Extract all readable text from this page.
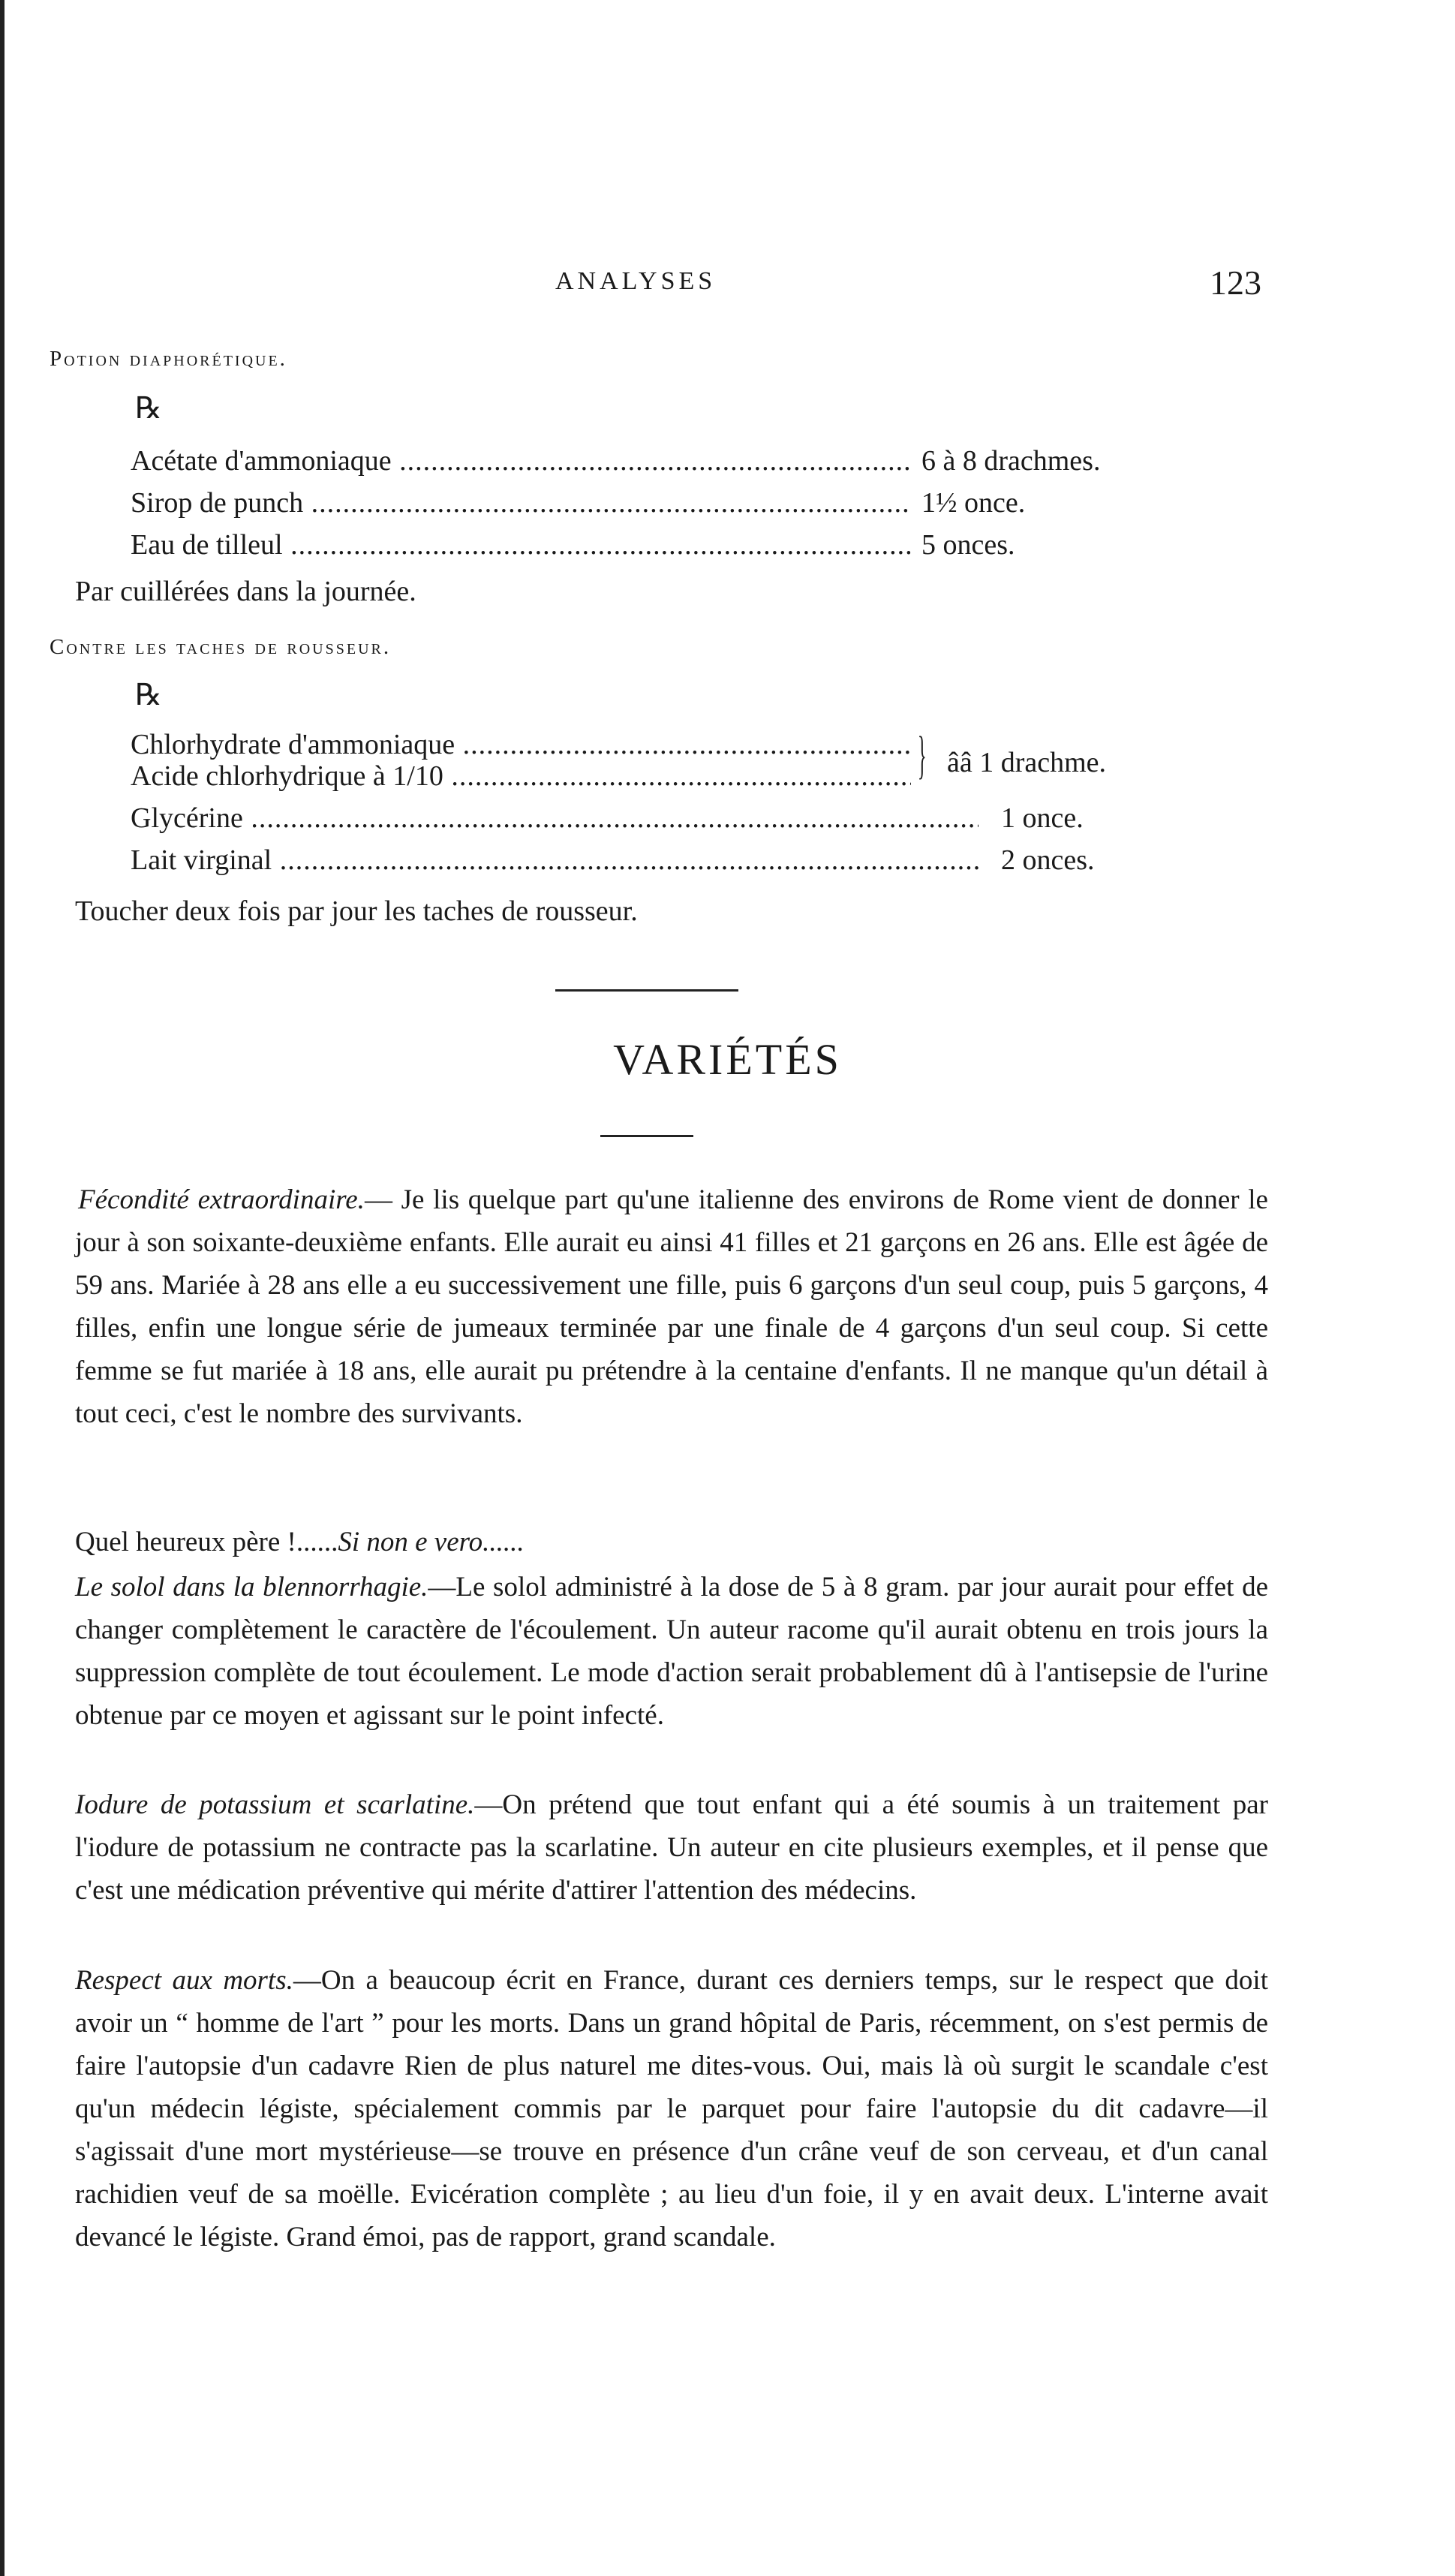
ANALYSES	123
Potion diaphorétique.
℞
Acétate d'ammoniaque .....	6 à 8 drachmes.
Sirop de punch .....	1½ once.
Eau de tilleul .....	5 onces.
Par cuillérées dans la journée.
Contre les taches de rousseur.
℞
Chlorhydrate d'ammoniaque .....
Acide chlorhydrique à 1/10 .....	} ââ 1 drachme.
Glycérine .....	1 once.
Lait virginal .....	2 onces.
Toucher deux fois par jour les taches de rousseur.
VARIÉTÉS

Fécondité extraordinaire.— Je lis quelque part qu'une italienne des environs de Rome vient de donner le jour à son soixante-deuxième enfants. Elle aurait eu ainsi 41 filles et 21 garçons en 26 ans. Elle est âgée de 59 ans. Mariée à 28 ans elle a eu successivement une fille, puis 6 garçons d'un seul coup, puis 5 garçons, 4 filles, enfin une longue série de jumeaux terminée par une finale de 4 garçons d'un seul coup. Si cette femme se fut mariée à 18 ans, elle aurait pu prétendre à la centaine d'enfants. Il ne manque qu'un détail à tout ceci, c'est le nombre des survivants.

Quel heureux père !......Si non e vero......

Le solol dans la blennorrhagie.—Le solol administré à la dose de 5 à 8 gram. par jour aurait pour effet de changer complètement le caractère de l'écoulement. Un auteur racome qu'il aurait obtenu en trois jours la suppression complète de tout écoulement. Le mode d'action serait probablement dû à l'antisepsie de l'urine obtenue par ce moyen et agissant sur le point infecté.

Iodure de potassium et scarlatine.—On prétend que tout enfant qui a été soumis à un traitement par l'iodure de potassium ne contracte pas la scarlatine. Un auteur en cite plusieurs exemples, et il pense que c'est une médication préventive qui mérite d'attirer l'attention des médecins.

Respect aux morts.—On a beaucoup écrit en France, durant ces derniers temps, sur le respect que doit avoir un “ homme de l'art ” pour les morts. Dans un grand hôpital de Paris, récemment, on s'est permis de faire l'autopsie d'un cadavre Rien de plus naturel me dites-vous. Oui, mais là où surgit le scandale c'est qu'un médecin légiste, spécialement commis par le parquet pour faire l'autopsie du dit cadavre—il s'agissait d'une mort mystérieuse—se trouve en présence d'un crâne veuf de son cerveau, et d'un canal rachidien veuf de sa moëlle. Evicération complète ; au lieu d'un foie, il y en avait deux. L'interne avait devancé le légiste. Grand émoi, pas de rapport, grand scandale.
